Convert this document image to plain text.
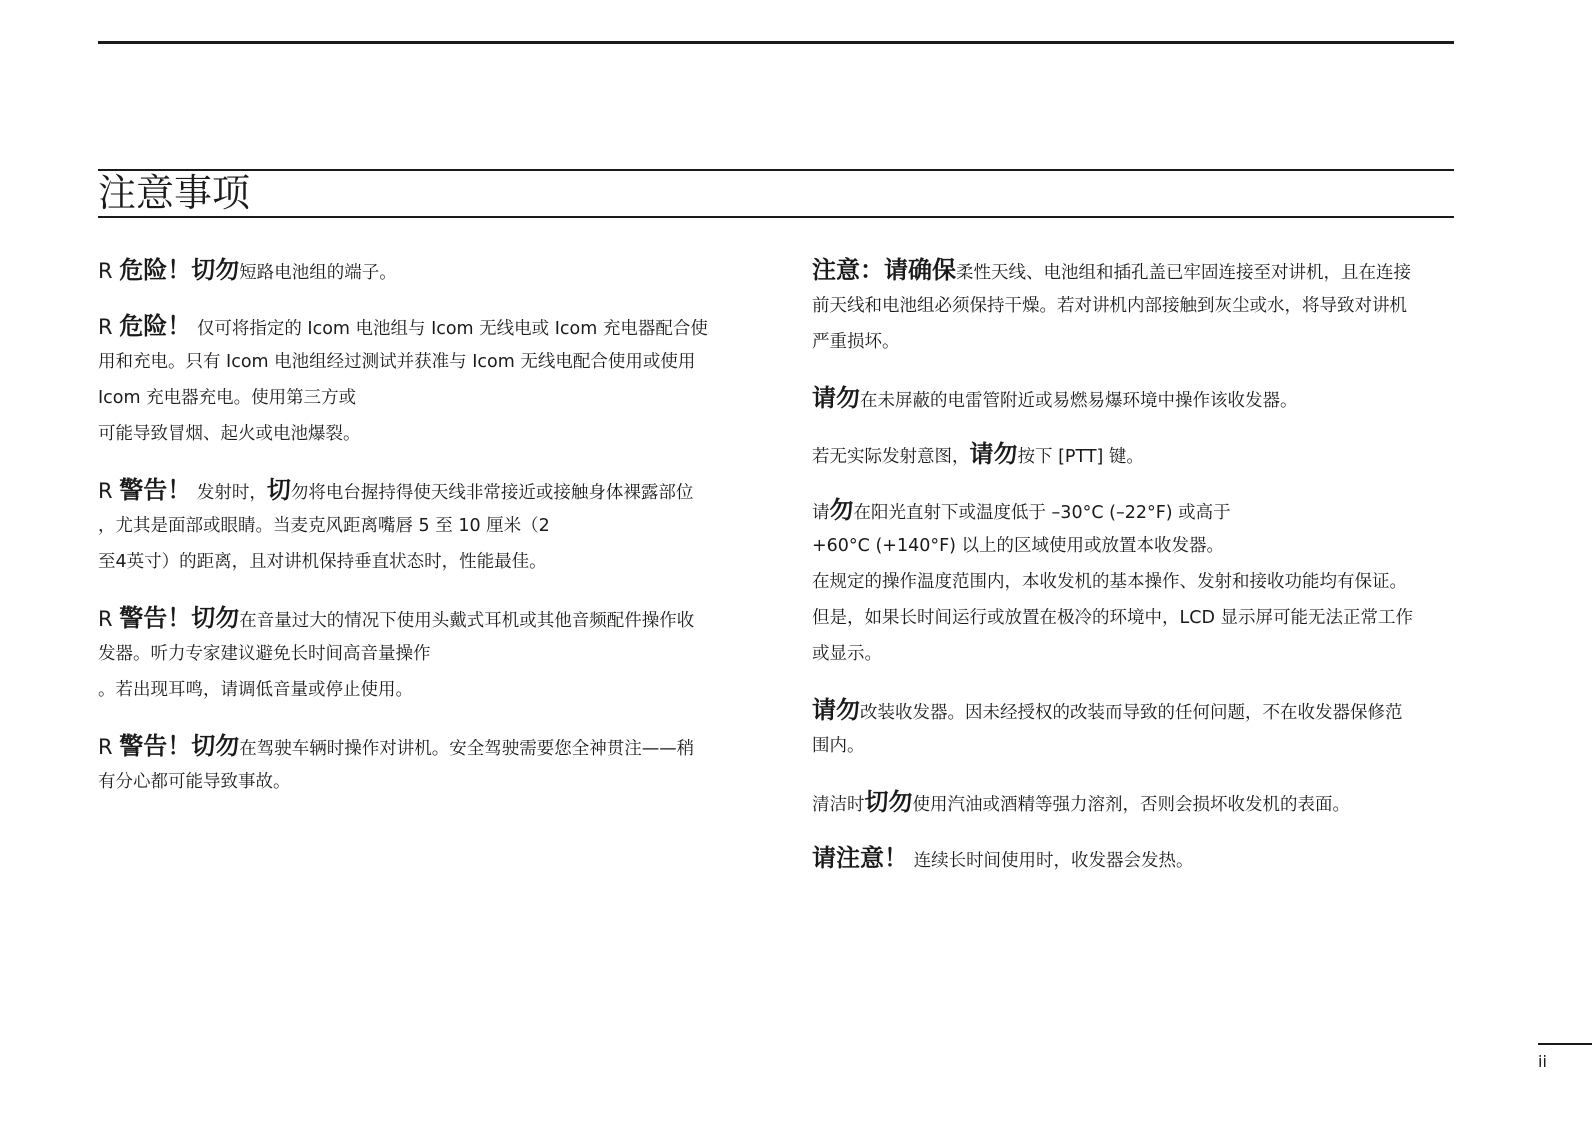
注意事项
R 危险！切勿短路电池组的端子。
R 危险！ 仅可将指定的 Icom 电池组与 Icom 无线电或 Icom 充电器配合使
用和充电。只有 Icom 电池组经过测试并获准与 Icom 无线电配合使用或使用
Icom 充电器充电。使用第三方或
可能导致冒烟、起火或电池爆裂。
R 警告！ 发射时，切勿将电台握持得使天线非常接近或接触身体裸露部位
，尤其是面部或眼睛。当麦克风距离嘴唇 5 至 10 厘米（2
至4英寸）的距离，且对讲机保持垂直状态时，性能最佳。
R 警告！切勿在音量过大的情况下使用头戴式耳机或其他音频配件操作收
发器。听力专家建议避免长时间高音量操作
。若出现耳鸣，请调低音量或停止使用。
R 警告！切勿在驾驶车辆时操作对讲机。安全驾驶需要您全神贯注——稍
有分心都可能导致事故。
注意：请确保柔性天线、电池组和插孔盖已牢固连接至对讲机，且在连接
前天线和电池组必须保持干燥。若对讲机内部接触到灰尘或水，将导致对讲机
严重损坏。
请勿在未屏蔽的电雷管附近或易燃易爆环境中操作该收发器。
若无实际发射意图，请勿按下 [PTT] 键。
请勿在阳光直射下或温度低于 –30°C (–22°F) 或高于
+60°C (+140°F) 以上的区域使用或放置本收发器。
在规定的操作温度范围内，本收发机的基本操作、发射和接收功能均有保证。
但是，如果长时间运行或放置在极冷的环境中，LCD 显示屏可能无法正常工作
或显示。
请勿改装收发器。因未经授权的改装而导致的任何问题，不在收发器保修范
围内。
清洁时切勿使用汽油或酒精等强力溶剂，否则会损坏收发机的表面。
请注意！ 连续长时间使用时，收发器会发热。
ii
